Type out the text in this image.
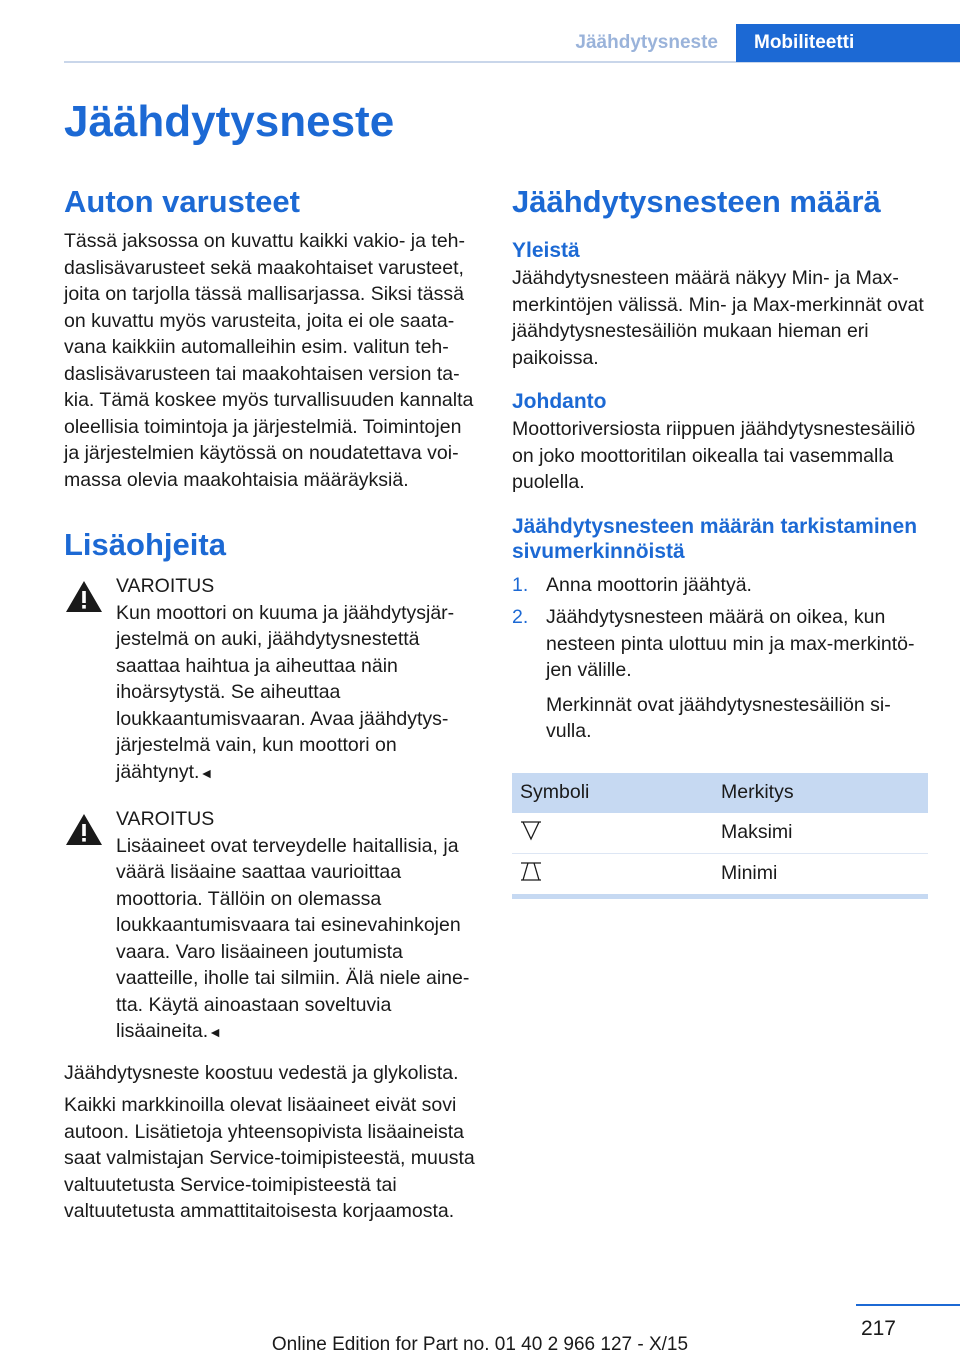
Jäähdytysneste	Mobiliteetti
Jäähdytysneste
Auton varusteet

Tässä jaksossa on kuvattu kaikki vakio- ja tehdaslisävarusteet sekä maakohtaiset varusteet, joita on tarjolla tässä mallisarjassa. Siksi tässä on kuvattu myös varusteita, joita ei ole saatavana kaikkiin automalleihin esim. valitun tehdaslisävarusteen tai maakohtaisen version takia. Tämä koskee myös turvallisuuden kannalta oleellisia toimintoja ja järjestelmiä. Toimintojen ja järjestelmien käytössä on noudatettava voimassa olevia maakohtaisia määräyksiä.

Lisäohjeita
VAROITUS
Kun moottori on kuuma ja jäähdytysjärjestelmä on auki, jäähdytysnestettä saattaa haihtua ja aiheuttaa näin ihoärsytystä. Se aiheuttaa loukkaantumisvaaran. Avaa jäähdytysjärjestelmä vain, kun moottori on jäähtynyt.◄
VAROITUS
Lisäaineet ovat terveydelle haitallisia, ja väärä lisäaine saattaa vaurioittaa moottoria. Tällöin on olemassa loukkaantumisvaara tai esinevahinkojen vaara. Varo lisäaineen joutumista vaatteille, iholle tai silmiin. Älä niele ainetta. Käytä ainoastaan soveltuvia lisäaineita.◄

Jäähdytysneste koostuu vedestä ja glykolista.

Kaikki markkinoilla olevat lisäaineet eivät sovi autoon. Lisätietoja yhteensopivista lisäaineista saat valmistajan Service-toimipisteestä, muusta valtuutetusta Service-toimipisteestä tai valtuutetusta ammattitaitoisesta korjaamosta.

Jäähdytysnesteen määrä
Yleistä

Jäähdytysnesteen määrä näkyy Min- ja Max-merkintöjen välissä. Min- ja Max-merkinnät ovat jäähdytysnestesäiliön mukaan hieman eri paikoissa.

Johdanto

Moottoriversiosta riippuen jäähdytysnestesäiliö on joko moottoritilan oikealla tai vasemmalla puolella.

Jäähdytysnesteen määrän tarkistaminen sivumerkinnöistä
1. Anna moottorin jäähtyä.
2. Jäähdytysnesteen määrä on oikea, kun nesteen pinta ulottuu min ja max-merkintöjen välille.

Merkinnät ovat jäähdytysnestesäiliön sivulla.

Symboli	Merkitys
	Maksimi
	Minimi
217
Online Edition for Part no. 01 40 2 966 127 - X/15
